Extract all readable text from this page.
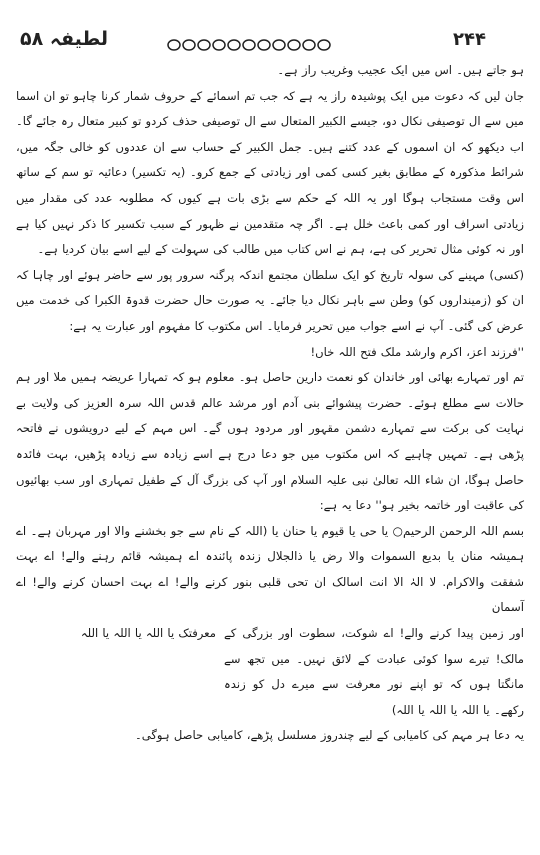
لطیفہ ۵۸	۲۴۴

ہو جاتے ہیں۔ اس میں ایک عجیب وغریب راز ہے۔

جان لیں کہ دعوت میں ایک پوشیدہ راز یہ ہے کہ جب تم اسمائے کے حروف شمار کرنا چاہو تو ان اسما میں سے ال توصیفی نکال دو، جیسے الکبیر المتعال سے ال توصیفی حذف کردو تو کبیر متعال رہ جائے گا۔ اب دیکھو کہ ان اسموں کے عدد کتنے ہیں۔ جمل الکبیر کے حساب سے ان عددوں کو خالی جگہ میں، شرائط مذکورہ کے مطابق بغیر کسی کمی اور زیادتی کے جمع کرو۔ (یہ تکسیر) دعائیہ تو سم کے ساتھ اس وقت مستجاب ہوگا اور یہ اللہ کے حکم سے بڑی بات ہے کیوں کہ مطلوبہ عدد کی مقدار میں زیادتی اسراف اور کمی باعث خلل ہے۔ اگر چہ متقدمین نے ظہور کے سبب تکسیر کا ذکر نہیں کیا ہے اور نہ کوئی مثال تحریر کی ہے، ہم نے اس کتاب میں طالب کی سہولت کے لیے اسے بیان کردیا ہے۔

(کسی) مہینے کی سولہ تاریخ کو ایک سلطان مجتمع اندکہ پرگنہ سرور پور سے حاضر ہوئے اور چاہا کہ ان کو (زمینداروں کو) وطن سے باہر نکال دیا جائے۔ یہ صورت حال حضرت قدوۃ الکبرا کی خدمت میں عرض کی گئی۔ آپ نے اسے جواب میں تحریر فرمایا۔ اس مکتوب کا مفہوم اور عبارت یہ ہے:

''فرزند اعز، اکرم وارشد ملک فتح اللہ خاں!

تم اور تمہارے بھائی اور خاندان کو نعمت دارین حاصل ہو۔ معلوم ہو کہ تمہارا عریضہ ہمیں ملا اور ہم حالات سے مطلع ہوئے۔ حضرت پیشوائے بنی آدم اور مرشد عالم قدس اللہ سرہ العزیز کی ولایت بے نہایت کی برکت سے تمہارے دشمن مقہور اور مردود ہوں گے۔ اس مہم کے لیے درویشوں نے فاتحہ پڑھی ہے۔ تمہیں چاہیے کہ اس مکتوب میں جو دعا درج ہے اسے زیادہ سے زیادہ پڑھیں، بہت فائدہ حاصل ہوگا، ان شاء اللہ تعالیٰ نبی علیہ السلام اور آپ کی بزرگ آل کے طفیل تمہاری اور سب بھائیوں کی عاقبت اور خاتمہ بخیر ہو'' دعا یہ ہے:

بسم اللہ الرحمن الرحیم○ یا حی یا قیوم یا حنان یا (اللہ کے نام سے جو بخشنے والا اور مہربان ہے۔ اے ہمیشہ منان یا بدیع السموات والا رض یا ذالجلال زندہ پائندہ اے ہمیشہ قائم رہنے والے! اے بہت شفقت والاکرام. لا الہٰ الا انت اسالک ان تحی قلبی بنور کرنے والے! اے بہت احسان کرنے والے! اے آسمان

اور زمین پیدا کرنے والے! اے شوکت، سطوت اور بزرگی کے مالک! تیرے سوا کوئی عبادت کے لائق نہیں۔ میں تجھ سے مانگتا ہوں کہ تو اپنے نور معرفت سے میرے دل کو زندہ رکھے۔ یا اللہ یا اللہ یا اللہ)
معرفتک یا اللہ یا اللہ یا اللہ

یہ دعا ہر مہم کی کامیابی کے لیے چندروز مسلسل پڑھے، کامیابی حاصل ہوگی۔
